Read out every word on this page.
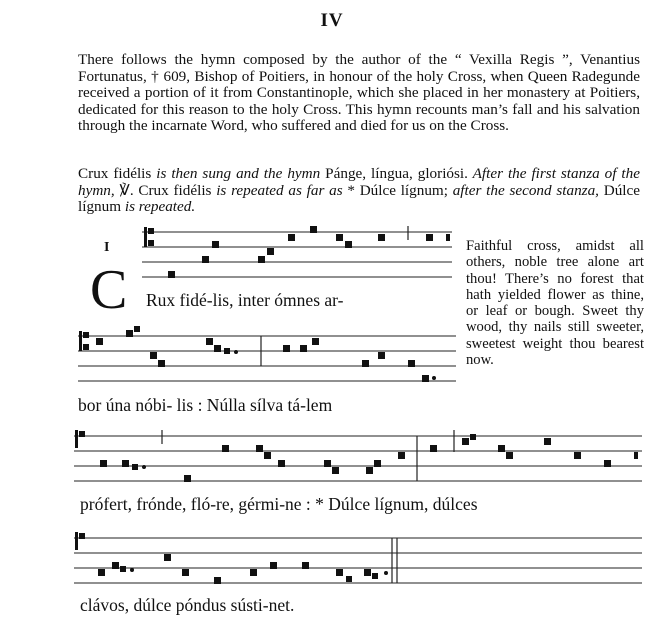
IV
There follows the hymn composed by the author of the “ Vexilla Regis ”, Venantius Fortunatus, † 609, Bishop of Poitiers, in honour of the holy Cross, when Queen Radegunde received a portion of it from Constantinople, which she placed in her monastery at Poitiers, dedicated for this reason to the holy Cross. This hymn recounts man’s fall and his salvation through the incarnate Word, who suffered and died for us on the Cross.
Crux fidélis is then sung and the hymn Pánge, língua, gloriósi. After the first stanza of the hymn, ℣. Crux fidélis is repeated as far as * Dúlce lígnum; after the second stanza, Dúlce lígnum is repeated.
I
C Rux fidé-lis, inter ómnes ar-
bor úna nóbi- lis : Núlla sílva tá-lem
Faithful cross, amidst all others, noble tree alone art thou! There’s no forest that hath yielded flower as thine, or leaf or bough. Sweet thy wood, thy nails still sweeter, sweetest weight thou bearest now.
prófert, frónde, fló-re, gérmi-ne : * Dúlce lígnum, dúlces
clávos, dúlce póndus sústi-net.
